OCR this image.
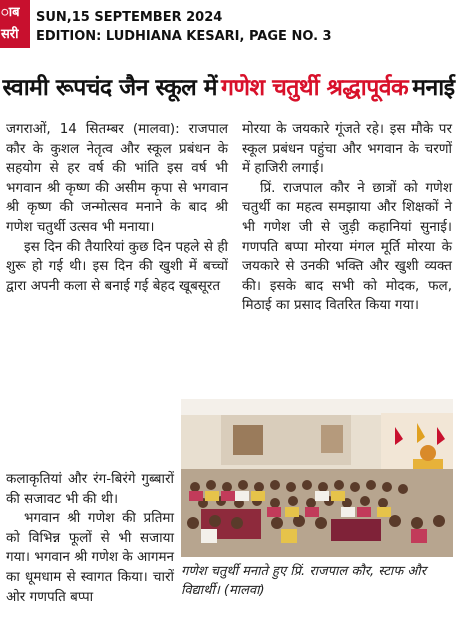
ाब
सरी
SUN,15 SEPTEMBER 2024
EDITION: LUDHIANA KESARI, PAGE NO. 3
स्वामी रूपचंद जैन स्कूल में गणेश चतुर्थी श्रद्धापूर्वक मनाई

जगराओं, 14 सितम्बर (मालवा): राजपाल कौर के कुशल नेतृत्व और स्कूल प्रबंधन के सहयोग से हर वर्ष की भांति इस वर्ष भी भगवान श्री कृष्ण की असीम कृपा से भगवान श्री कृष्ण की जन्मोत्सव मनाने के बाद श्री गणेश चतुर्थी उत्सव भी मनाया।

इस दिन की तैयारियां कुछ दिन पहले से ही शुरू हो गई थी। इस दिन की खुशी में बच्चों द्वारा अपनी कला से बनाई गई बेहद खूबसूरत

कलाकृतियां और रंग-बिरंगे गुब्बारों की सजावट भी की थी।

भगवान श्री गणेश की प्रतिमा को विभिन्न फूलों से भी सजाया गया। भगवान श्री गणेश के आगमन का धूमधाम से स्वागत किया। चारों ओर गणपति बप्पा

मोरया के जयकारे गूंजते रहे। इस मौके पर स्कूल प्रबंधन पहुंचा और भगवान के चरणों में हाजिरी लगाई।

प्रिं. राजपाल कौर ने छात्रों को गणेश चतुर्थी का महत्व समझाया और शिक्षकों ने भी गणेश जी से जुड़ी कहानियां सुनाई। गणपति बप्पा मोरया मंगल मूर्ति मोरया के जयकारे से उनकी भक्ति और खुशी व्यक्त की। इसके बाद सभी को मोदक, फल, मिठाई का प्रसाद वितरित किया गया।

गणेश चतुर्थी मनाते हुए प्रिं. राजपाल कौर, स्टाफ और विद्यार्थी। (मालवा)
